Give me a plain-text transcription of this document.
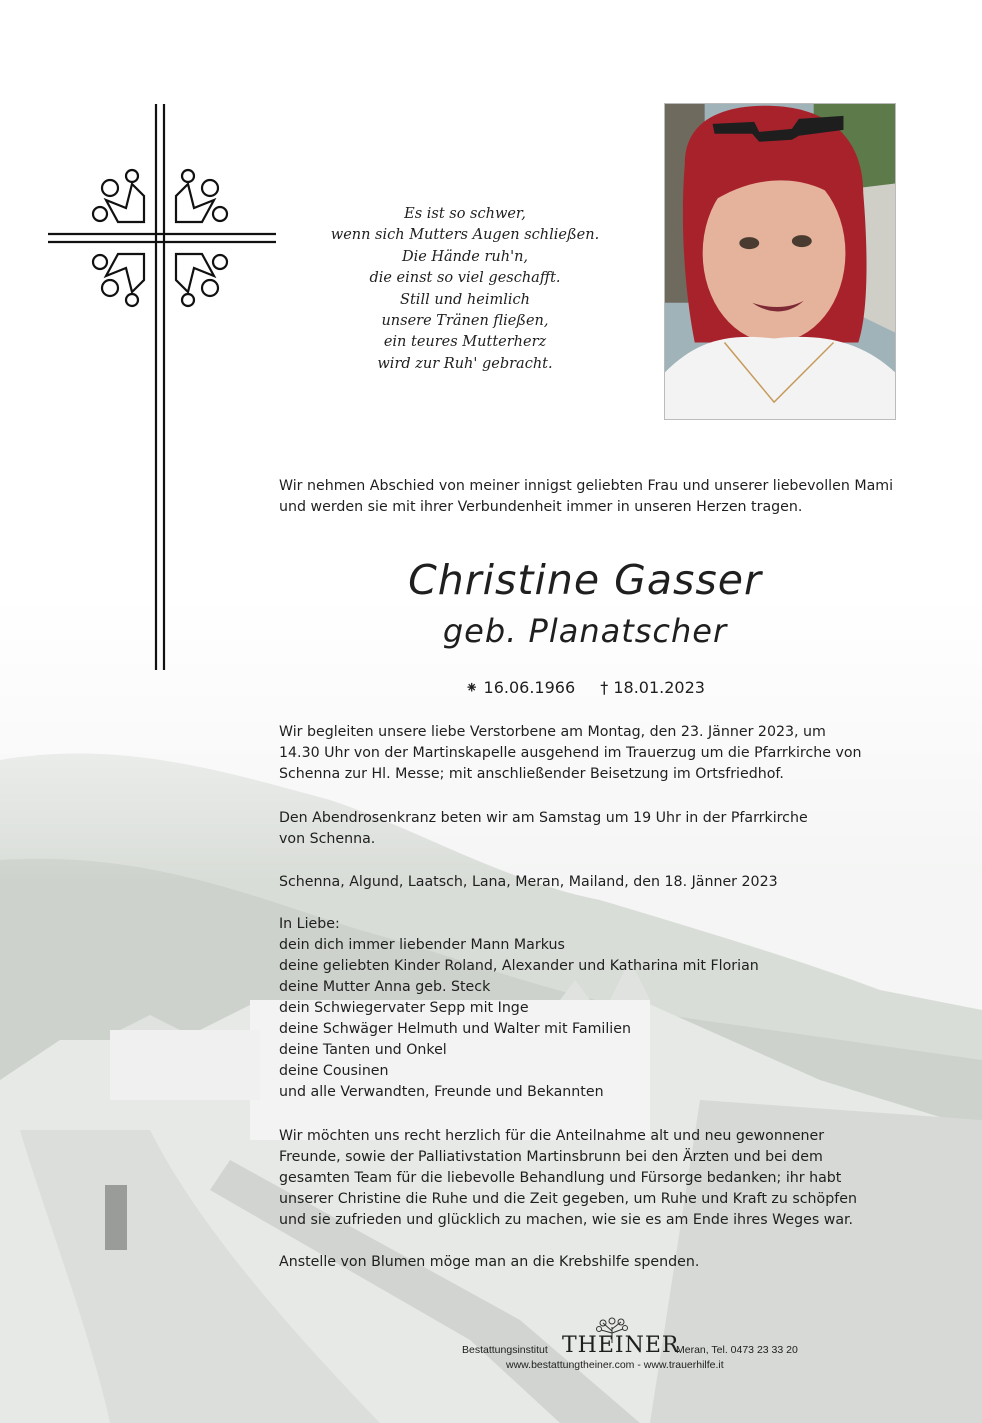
Es ist so schwer,
wenn sich Mutters Augen schließen.
Die Hände ruh'n,
die einst so viel geschafft.
Still und heimlich
unsere Tränen fließen,
ein teures Mutterherz
wird zur Ruh' gebracht.
Wir nehmen Abschied von meiner innigst geliebten Frau und unserer liebevollen Mami
und werden sie mit ihrer Verbundenheit immer in unseren Herzen tragen.
Christine Gasser
geb. Planatscher
⁕ 16.06.1966 † 18.01.2023
Wir begleiten unsere liebe Verstorbene am Montag, den 23. Jänner 2023, um
14.30 Uhr von der Martinskapelle ausgehend im Trauerzug um die Pfarrkirche von
Schenna zur Hl. Messe; mit anschließender Beisetzung im Ortsfriedhof.
Den Abendrosenkranz beten wir am Samstag um 19 Uhr in der Pfarrkirche
von Schenna.
Schenna, Algund, Laatsch, Lana, Meran, Mailand, den 18. Jänner 2023
In Liebe:
dein dich immer liebender Mann Markus
deine geliebten Kinder Roland, Alexander und Katharina mit Florian
deine Mutter Anna geb. Steck
dein Schwiegervater Sepp mit Inge
deine Schwäger Helmuth und Walter mit Familien
deine Tanten und Onkel
deine Cousinen
und alle Verwandten, Freunde und Bekannten
Wir möchten uns recht herzlich für die Anteilnahme alt und neu gewonnener
Freunde, sowie der Palliativstation Martinsbrunn bei den Ärzten und bei dem
gesamten Team für die liebevolle Behandlung und Fürsorge bedanken; ihr habt
unserer Christine die Ruhe und die Zeit gegeben, um Ruhe und Kraft zu schöpfen
und sie zufrieden und glücklich zu machen, wie sie es am Ende ihres Weges war.
Anstelle von Blumen möge man an die Krebshilfe spenden.
Bestattungsinstitut THEINER
Meran, Tel. 0473 23 33 20
www.bestattungtheiner.com - www.trauerhilfe.it
